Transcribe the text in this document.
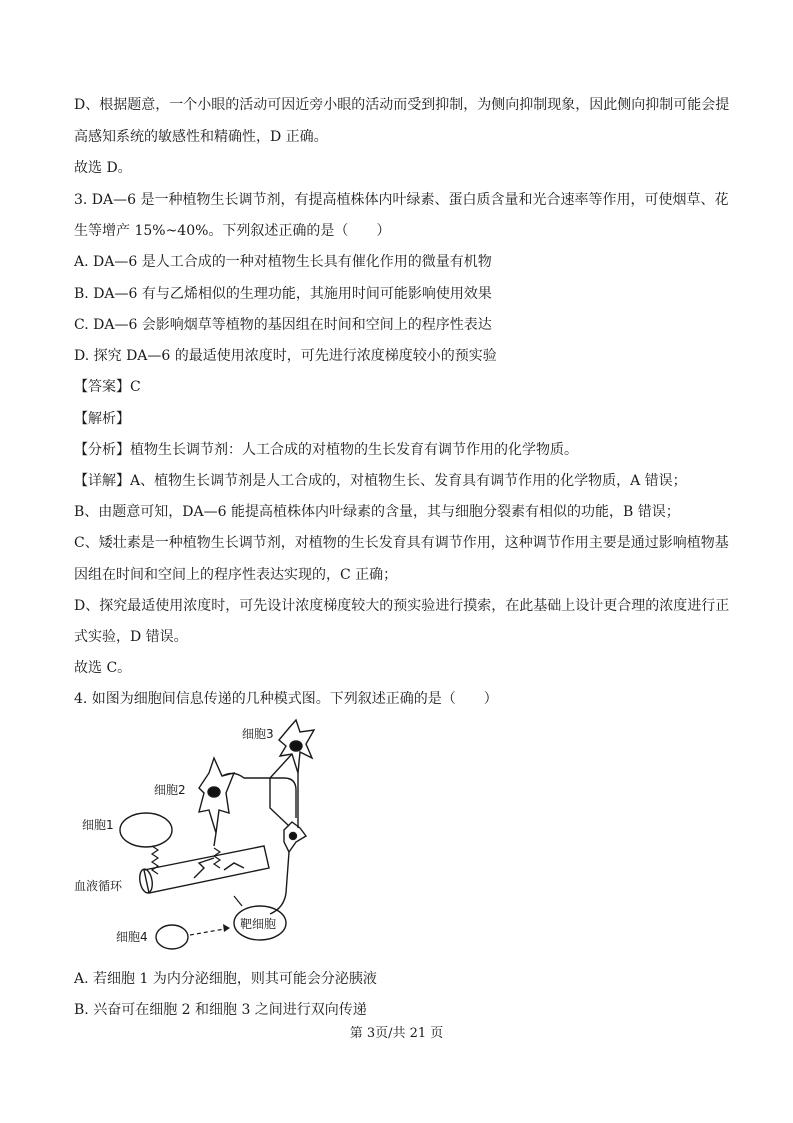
D、根据题意，一个小眼的活动可因近旁小眼的活动而受到抑制，为侧向抑制现象，因此侧向抑制可能会提
高感知系统的敏感性和精确性，D 正确。
故选 D。
3. DA—6 是一种植物生长调节剂，有提高植株体内叶绿素、蛋白质含量和光合速率等作用，可使烟草、花
生等增产 15%~40%。下列叙述正确的是（　　）
A. DA—6 是人工合成的一种对植物生长具有催化作用的微量有机物
B. DA—6 有与乙烯相似的生理功能，其施用时间可能影响使用效果
C. DA—6 会影响烟草等植物的基因组在时间和空间上的程序性表达
D. 探究 DA—6 的最适使用浓度时，可先进行浓度梯度较小的预实验
【答案】C
【解析】
【分析】植物生长调节剂：人工合成的对植物的生长发育有调节作用的化学物质。
【详解】A、植物生长调节剂是人工合成的，对植物生长、发育具有调节作用的化学物质，A 错误；
B、由题意可知，DA—6 能提高植株体内叶绿素的含量，其与细胞分裂素有相似的功能，B 错误；
C、矮壮素是一种植物生长调节剂，对植物的生长发育具有调节作用，这种调节作用主要是通过影响植物基
因组在时间和空间上的程序性表达实现的，C 正确；
D、探究最适使用浓度时，可先设计浓度梯度较大的预实验进行摸索，在此基础上设计更合理的浓度进行正
式实验，D 错误。
故选 C。
4. 如图为细胞间信息传递的几种模式图。下列叙述正确的是（　　）
细胞3
细胞2
细胞1
血液循环
靶细胞
细胞4
A. 若细胞 1 为内分泌细胞，则其可能会分泌胰液
B. 兴奋可在细胞 2 和细胞 3 之间进行双向传递
第 3页/共 21 页
